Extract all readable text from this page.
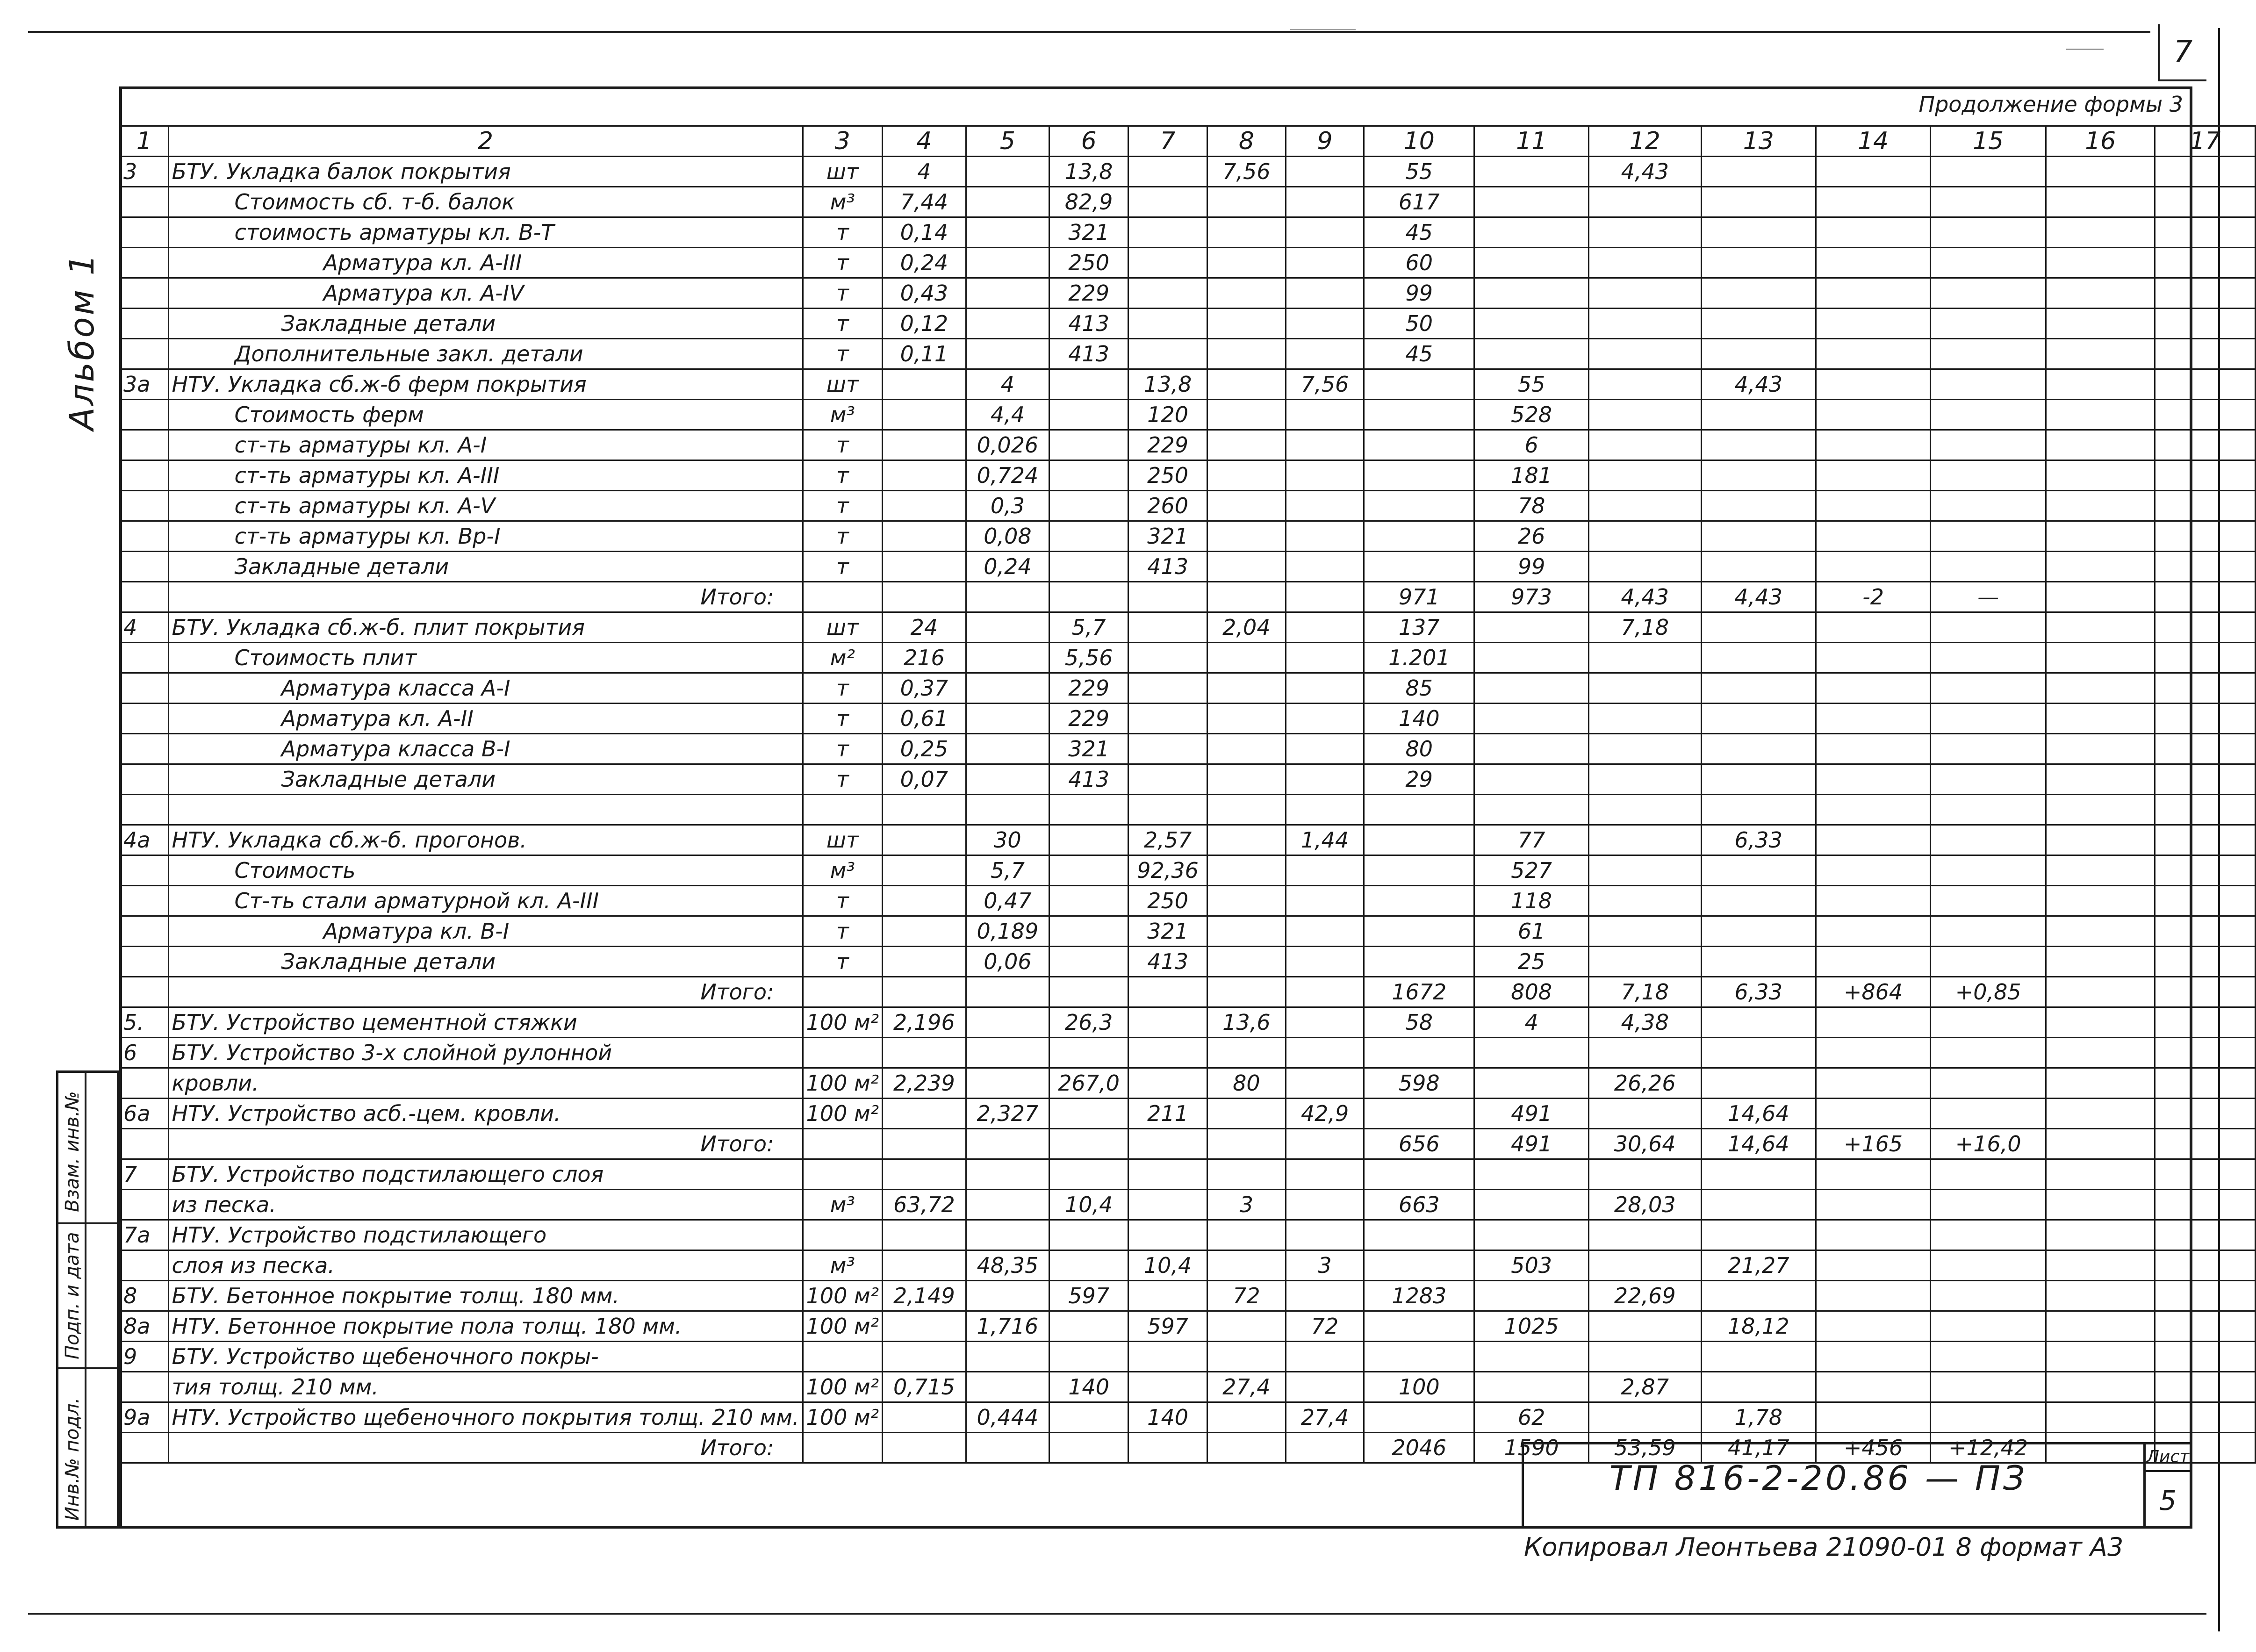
7
Продолжение формы 3
Альбом 1
Инв.№ подл.
Подп. и дата
Взам. инв.№
1	2	3	4	5	6	7	8	9	10	11	12	13	14	15	16	17
3	БТУ. Укладка балок покрытия	шт	4		13,8		7,56		55		4,43					
	Стоимость сб. т-б. балок	м³	7,44		82,9				617							
	стоимость арматуры кл. В-Т	т	0,14		321				45							
	Арматура кл. А-III	т	0,24		250				60							
	Арматура кл. А-IV	т	0,43		229				99							
	Закладные детали	т	0,12		413				50							
	Дополнительные закл. детали	т	0,11		413				45							
3а	НТУ. Укладка сб.ж-б ферм покрытия	шт		4		13,8		7,56		55		4,43				
	Стоимость ферм	м³		4,4		120				528						
	ст-ть арматуры кл. А-I	т		0,026		229				6						
	ст-ть арматуры кл. А-III	т		0,724		250				181						
	ст-ть арматуры кл. А-V	т		0,3		260				78						
	ст-ть арматуры кл. Вр-I	т		0,08		321				26						
	Закладные детали	т		0,24		413				99						
	Итого:								971	973	4,43	4,43	-2	—		
4	БТУ. Укладка сб.ж-б. плит покрытия	шт	24		5,7		2,04		137		7,18					
	Стоимость плит	м²	216		5,56				1.201							
	Арматура класса А-I	т	0,37		229				85							
	Арматура кл. А-II	т	0,61		229				140							
	Арматура класса В-I	т	0,25		321				80							
	Закладные детали	т	0,07		413				29							

4а	НТУ. Укладка сб.ж-б. прогонов.	шт		30		2,57		1,44		77		6,33				
	Стоимость	м³		5,7		92,36				527						
	Ст-ть стали арматурной кл. А-III	т		0,47		250				118						
	Арматура кл. В-I	т		0,189		321				61						
	Закладные детали	т		0,06		413				25						
	Итого:								1672	808	7,18	6,33	+864	+0,85		
5.	БТУ. Устройство цементной стяжки	100 м²	2,196		26,3		13,6		58	4	4,38					
6	БТУ. Устройство 3-х слойной рулонной															
	кровли.	100 м²	2,239		267,0		80		598		26,26					
6а	НТУ. Устройство асб.-цем. кровли.	100 м²		2,327		211		42,9		491		14,64				
	Итого:								656	491	30,64	14,64	+165	+16,0		
7	БТУ. Устройство подстилающего слоя															
	из песка.	м³	63,72		10,4		3		663		28,03					
7а	НТУ. Устройство подстилающего															
	слоя из песка.	м³		48,35		10,4		3		503		21,27				
8	БТУ. Бетонное покрытие толщ. 180 мм.	100 м²	2,149		597		72		1283		22,69					
8а	НТУ. Бетонное покрытие пола толщ. 180 мм.	100 м²		1,716		597		72		1025		18,12				
9	БТУ. Устройство щебеночного покры-															
	тия толщ. 210 мм.	100 м²	0,715		140		27,4		100		2,87					
9а	НТУ. Устройство щебеночного покрытия толщ. 210 мм.	100 м²		0,444		140		27,4		62		1,78				
	Итого:								2046	1590	53,59	41,17	+456	+12,42		
ТП 816-2-20.86 — ПЗ
Лист
5
Копировал Леонтьева 21090-01 8 формат А3
